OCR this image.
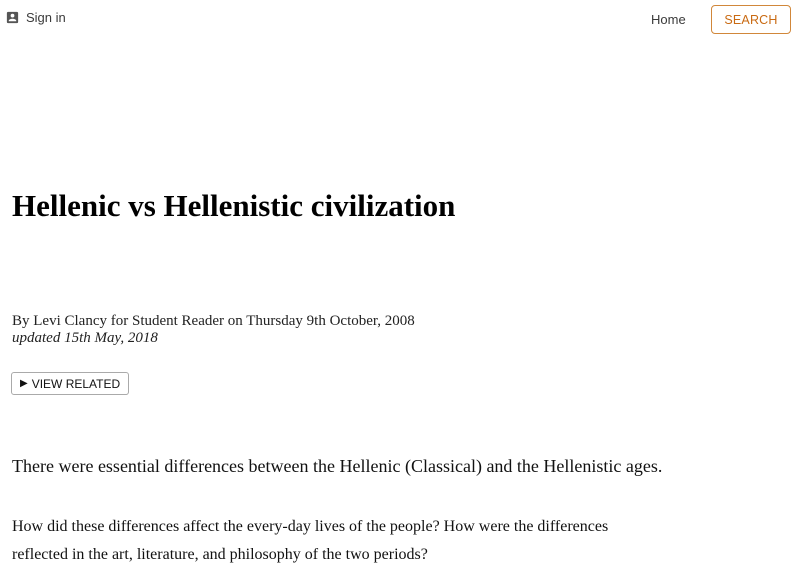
Sign in	Home	SEARCH
Hellenic vs Hellenistic civilization
By Levi Clancy for Student Reader on Thursday 9th October, 2008
updated 15th May, 2018
▶ VIEW RELATED

There were essential differences between the Hellenic (Classical) and the Hellenistic ages.

How did these differences affect the every-day lives of the people? How were the differences reflected in the art, literature, and philosophy of the two periods?
